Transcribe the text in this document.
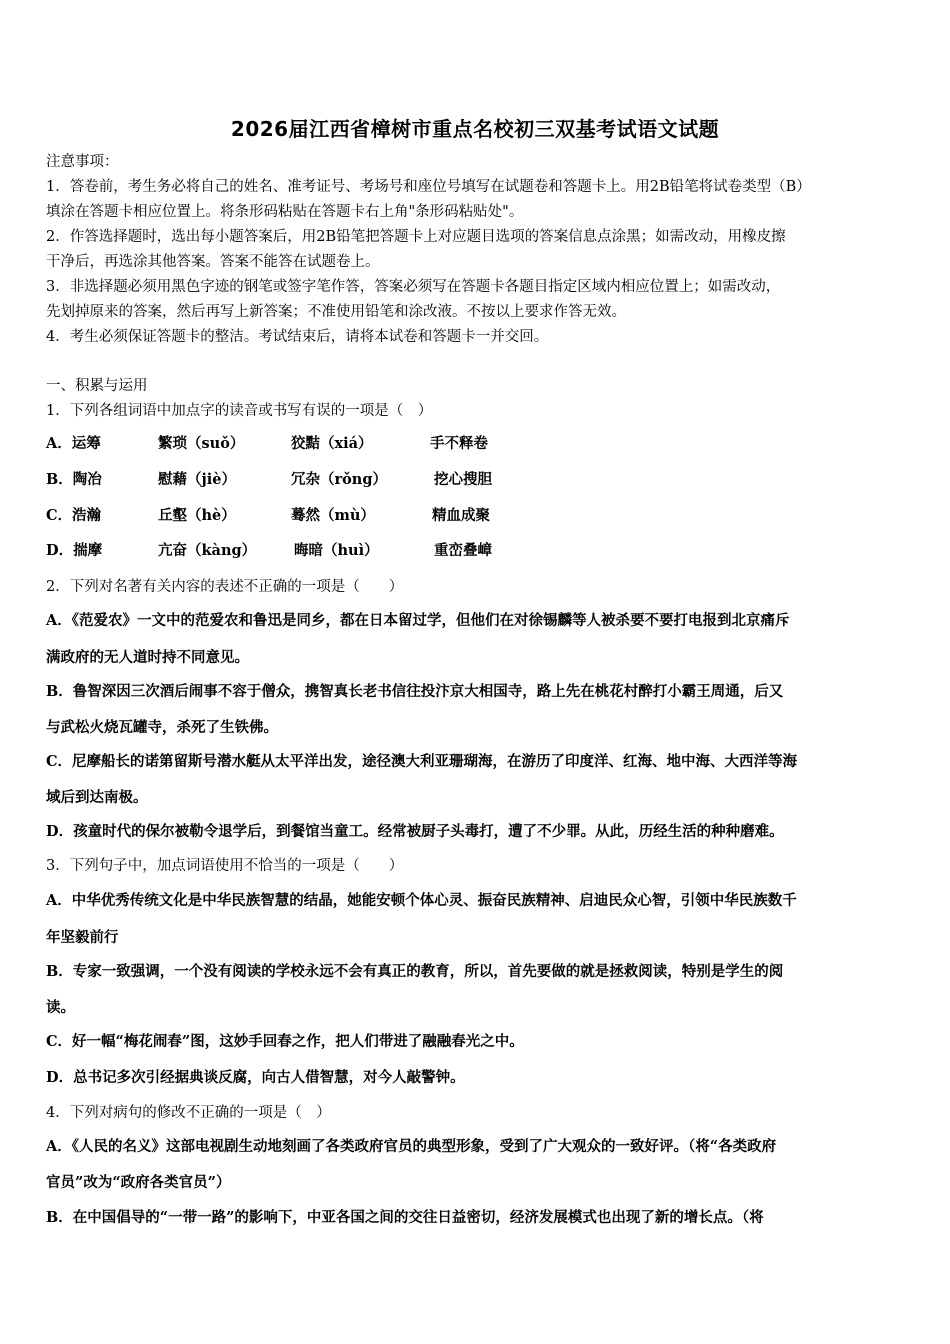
2026届江西省樟树市重点名校初三双基考试语文试题
注意事项：
1．答卷前，考生务必将自己的姓名、准考证号、考场号和座位号填写在试题卷和答题卡上。用2B铅笔将试卷类型（B）
填涂在答题卡相应位置上。将条形码粘贴在答题卡右上角"条形码粘贴处"。
2．作答选择题时，选出每小题答案后，用2B铅笔把答题卡上对应题目选项的答案信息点涂黑；如需改动，用橡皮擦
干净后，再选涂其他答案。答案不能答在试题卷上。
3．非选择题必须用黑色字迹的钢笔或签字笔作答，答案必须写在答题卡各题目指定区域内相应位置上；如需改动，
先划掉原来的答案，然后再写上新答案；不准使用铅笔和涂改液。不按以上要求作答无效。
4．考生必须保证答题卡的整洁。考试结束后，请将本试卷和答题卡一并交回。
一、积累与运用
1．下列各组词语中加点字的读音或书写有误的一项是（　）
A．运筹	繁琐（suǒ）	狡黠（xiá）	手不释卷
B．陶冶	慰藉（jiè）	冗杂（rǒng）	挖心搜胆
C．浩瀚	丘壑（hè）	蓦然（mù）	精血成聚
D．揣摩	亢奋（kàng）	晦暗（huì）	重峦叠嶂
2．下列对名著有关内容的表述不正确的一项是（　　）
A．《范爱农》一文中的范爱农和鲁迅是同乡，都在日本留过学，但他们在对徐锡麟等人被杀要不要打电报到北京痛斥
满政府的无人道时持不同意见。
B．鲁智深因三次酒后闹事不容于僧众，携智真长老书信往投汴京大相国寺，路上先在桃花村醉打小霸王周通，后又
与武松火烧瓦罐寺，杀死了生铁佛。
C．尼摩船长的诺第留斯号潜水艇从太平洋出发，途径澳大利亚珊瑚海，在游历了印度洋、红海、地中海、大西洋等海
域后到达南极。
D．孩童时代的保尔被勒令退学后，到餐馆当童工。经常被厨子头毒打，遭了不少罪。从此，历经生活的种种磨难。
3．下列句子中，加点词语使用不恰当的一项是（　　）
A．中华优秀传统文化是中华民族智慧的结晶，她能安顿个体心灵、振奋民族精神、启迪民众心智，引领中华民族数千
年坚毅前行
B．专家一致强调，一个没有阅读的学校永远不会有真正的教育，所以，首先要做的就是拯救阅读，特别是学生的阅
读。
C．好一幅“梅花闹春”图，这妙手回春之作，把人们带进了融融春光之中。
D．总书记多次引经据典谈反腐，向古人借智慧，对今人敲警钟。
4．下列对病句的修改不正确的一项是（　）
A．《人民的名义》这部电视剧生动地刻画了各类政府官员的典型形象，受到了广大观众的一致好评。（将“各类政府
官员”改为“政府各类官员”）
B．在中国倡导的“一带一路”的影响下，中亚各国之间的交往日益密切，经济发展模式也出现了新的增长点。（将
